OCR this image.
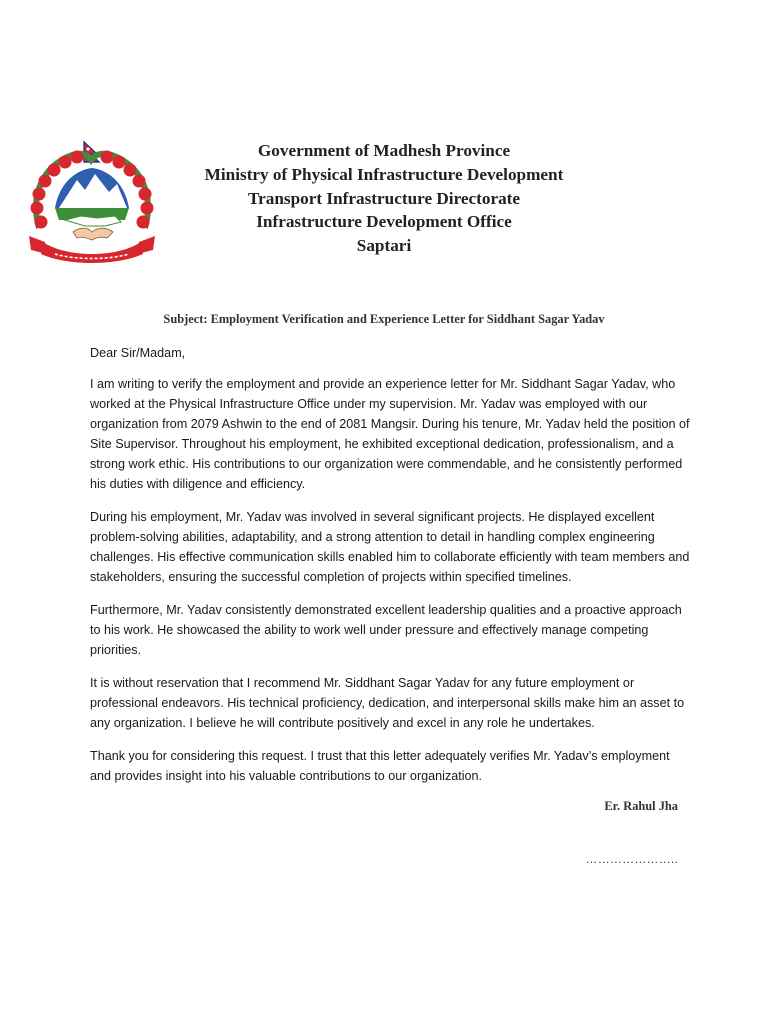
Government of Madhesh Province
Ministry of Physical Infrastructure Development
Transport Infrastructure Directorate
Infrastructure Development Office
Saptari
Subject: Employment Verification and Experience Letter for Siddhant Sagar Yadav

Dear Sir/Madam,

I am writing to verify the employment and provide an experience letter for Mr. Siddhant Sagar Yadav, who worked at the Physical Infrastructure Office under my supervision. Mr. Yadav was employed with our organization from 2079 Ashwin to the end of 2081 Mangsir. During his tenure, Mr. Yadav held the position of Site Supervisor. Throughout his employment, he exhibited exceptional dedication, professionalism, and a strong work ethic. His contributions to our organization were commendable, and he consistently performed his duties with diligence and efficiency.

During his employment, Mr. Yadav was involved in several significant projects. He displayed excellent problem-solving abilities, adaptability, and a strong attention to detail in handling complex engineering challenges. His effective communication skills enabled him to collaborate efficiently with team members and stakeholders, ensuring the successful completion of projects within specified timelines.

Furthermore, Mr. Yadav consistently demonstrated excellent leadership qualities and a proactive approach to his work. He showcased the ability to work well under pressure and effectively manage competing priorities.

It is without reservation that I recommend Mr. Siddhant Sagar Yadav for any future employment or professional endeavors. His technical proficiency, dedication, and interpersonal skills make him an asset to any organization. I believe he will contribute positively and excel in any role he undertakes.

Thank you for considering this request. I trust that this letter adequately verifies Mr. Yadav’s employment and provides insight into his valuable contributions to our organization.

Er. Rahul Jha
…………………..
